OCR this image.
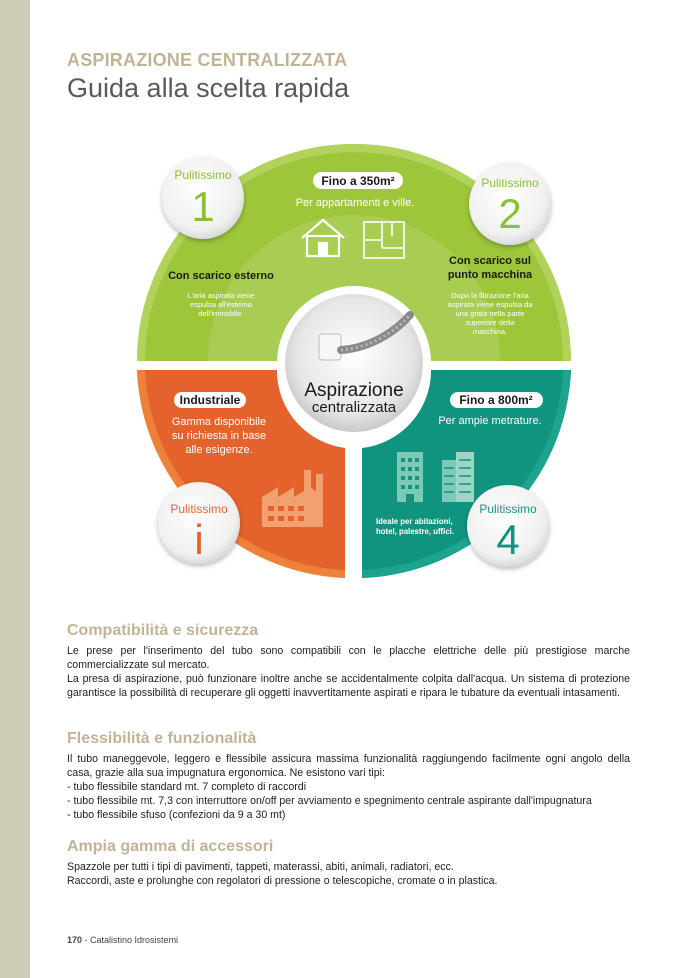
ASPIRAZIONE CENTRALIZZATA
Guida alla scelta rapida
Aspirazione
centralizzata
Fino a 350m²
Per appartamenti e ville.
Con scarico esterno
L'aria aspirata viene
espulsa all'esterno
dell'immobile.
Con scarico sul
punto macchina
Dopo la filtrazione l'aria
aspirata viene espulsa da
una grata nella parte
superiore della
macchina.
Industriale
Gamma disponibile
su richiesta in base
alle esigenze.
Fino a 800m²
Per ampie metrature.
Ideale per abitazioni,
hotel, palestre, uffici.
Pulitissimo
1	Pulitissimo
2
Pulitissimo
i
Pulitissimo
4
Compatibilità e sicurezza

Le prese per l'inserimento del tubo sono compatibili con le placche elettriche delle più prestigiose marche commercializzate sul mercato.

La presa di aspirazione, può funzionare inoltre anche se accidentalmente colpita dall'acqua. Un sistema di protezione garantisce la possibilità di recuperare gli oggetti inavvertitamente aspirati e ripara le tubature da eventuali intasamenti.

Flessibilità e funzionalità

Il tubo maneggevole, leggero e flessibile assicura massima funzionalità raggiungendo facilmente ogni angolo della casa, grazie alla sua impugnatura ergonomica. Ne esistono vari tipi:

- tubo flessibile standard mt. 7 completo di raccordi

- tubo flessibile mt. 7,3 con interruttore on/off per avviamento e spegnimento centrale aspirante dall'impugnatura

- tubo flessibile sfuso (confezioni da 9 a 30 mt)

Ampia gamma di accessori

Spazzole per tutti i tipi di pavimenti, tappeti, materassi, abiti, animali, radiatori, ecc.

Raccordi, aste e prolunghe con regolatori di pressione o telescopiche, cromate o in plastica.

170 - Catalistino Idrosistemi
